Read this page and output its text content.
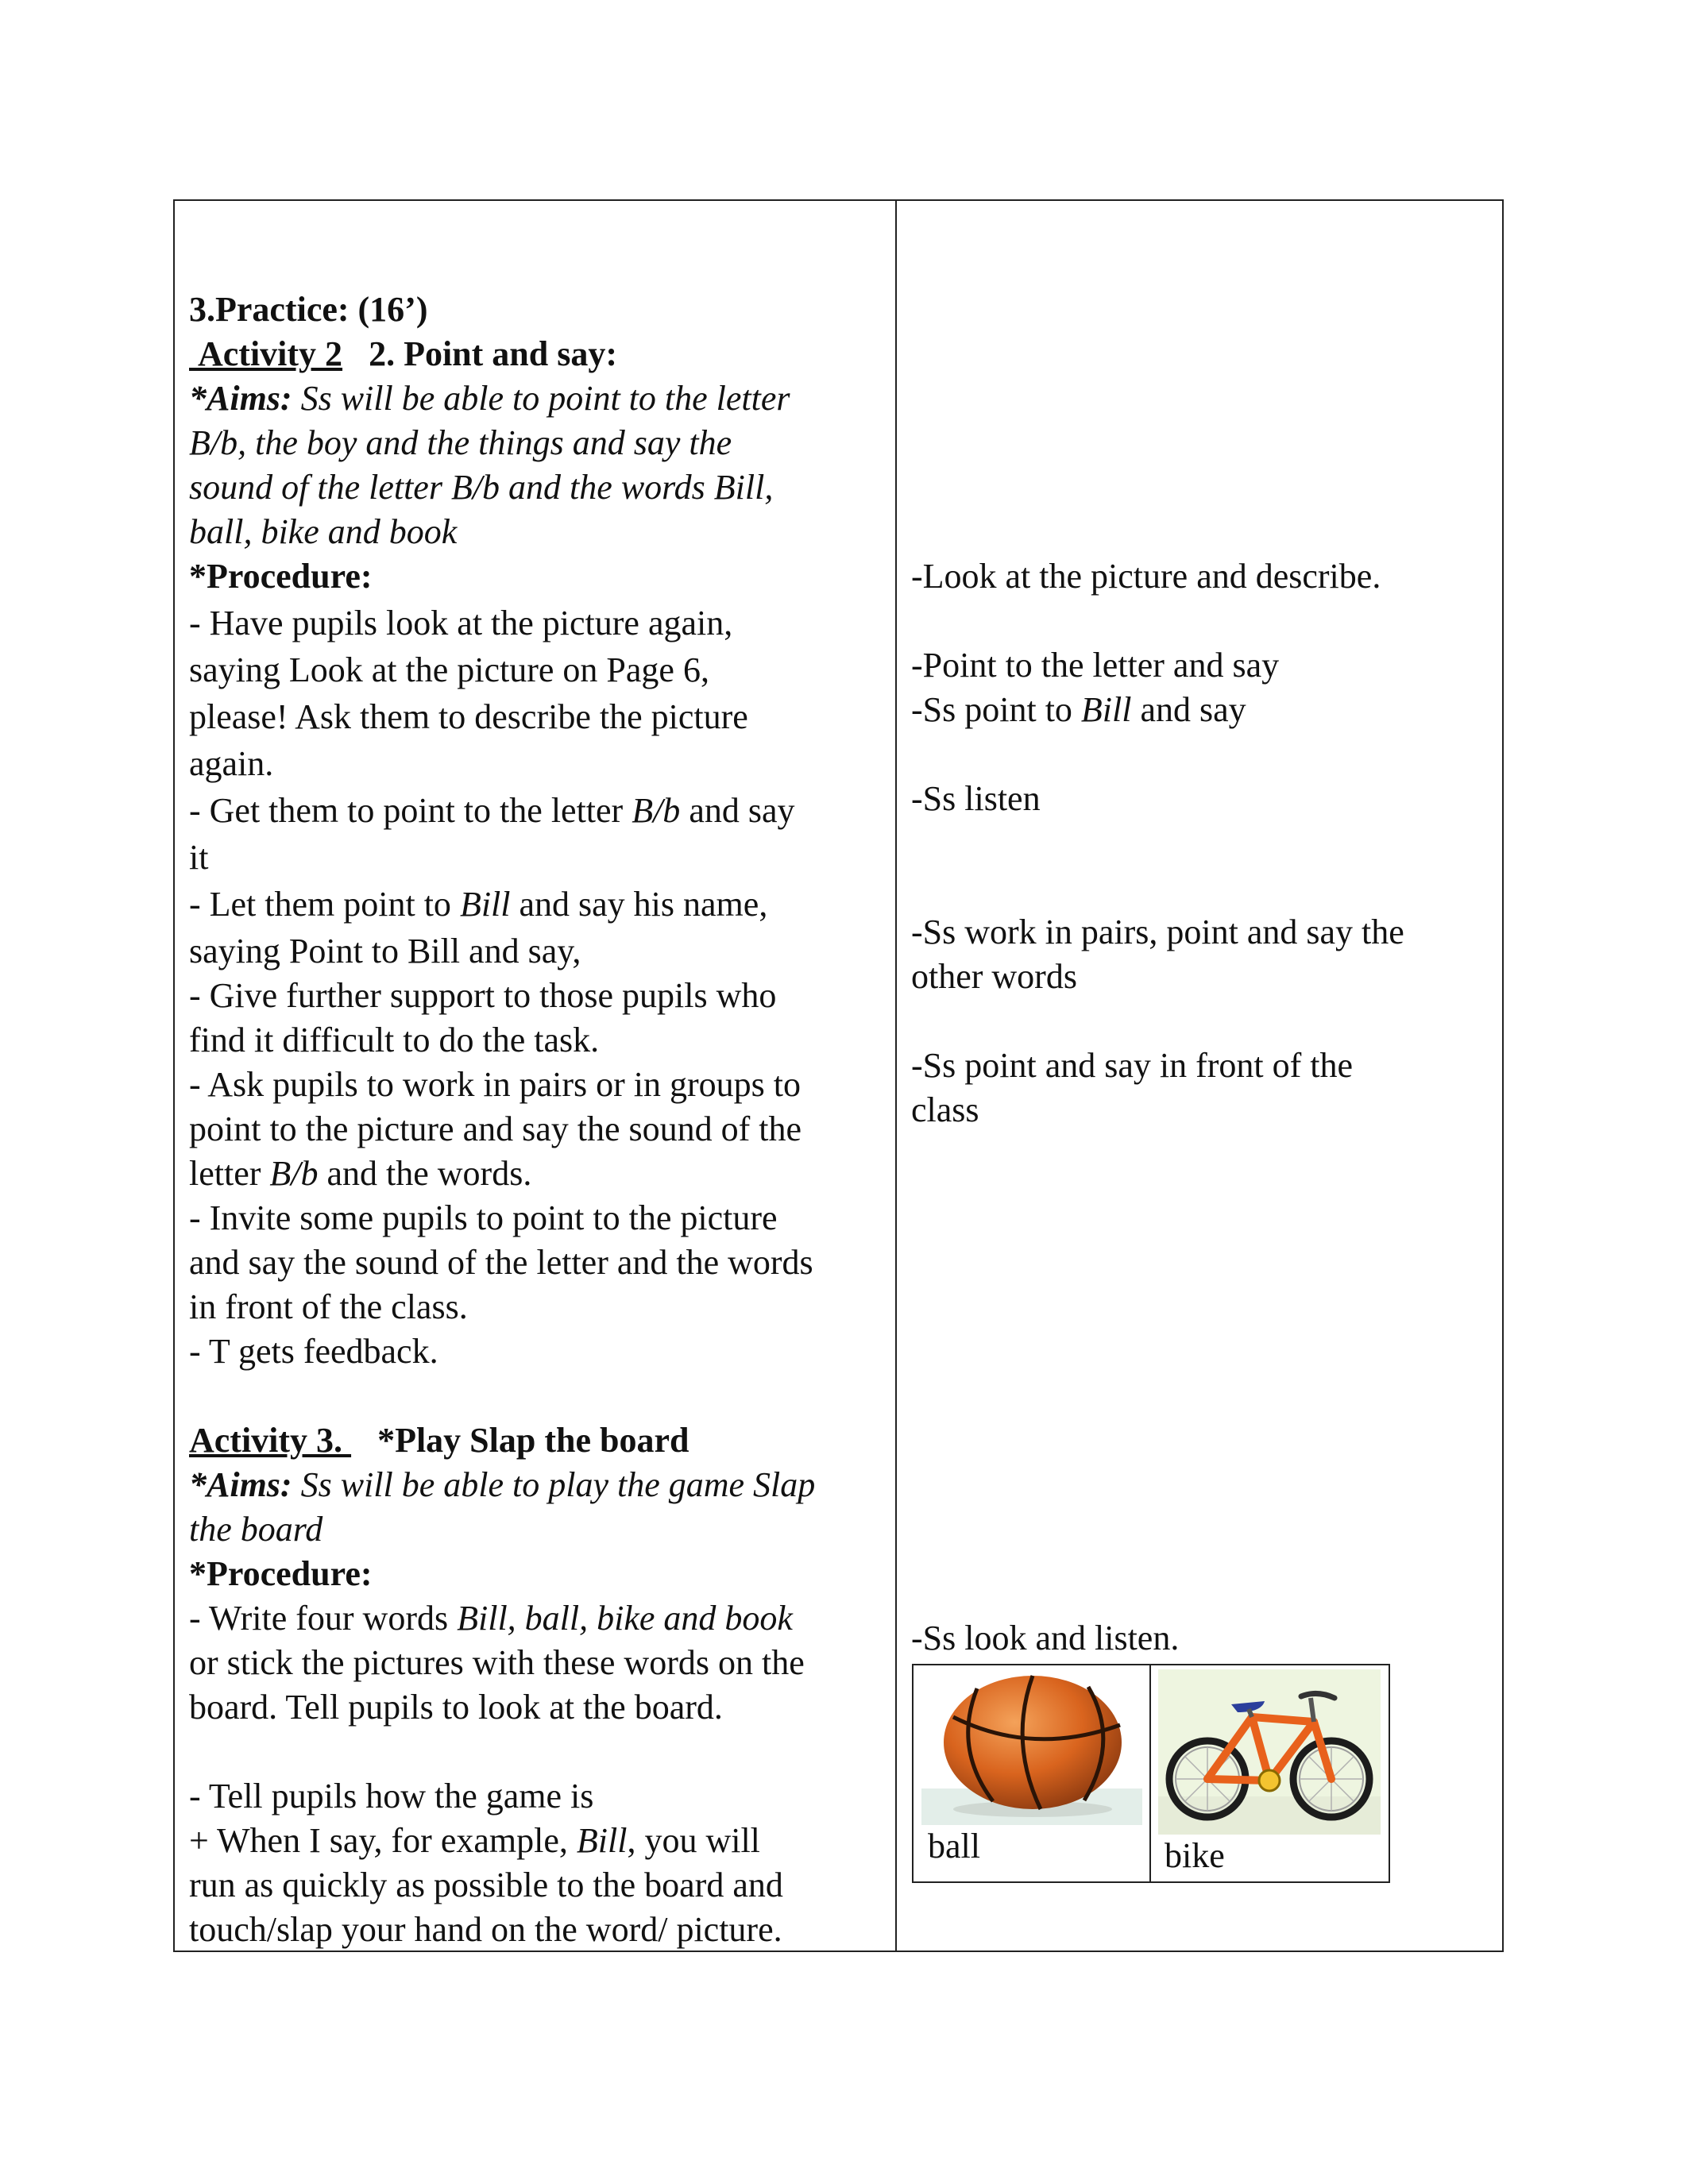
3.Practice: (16’)
Activity 2 2. Point and say:
*Aims: Ss will be able to point to the letter
B/b, the boy and the things and say the
sound of the letter B/b and the words Bill,
ball, bike and book
*Procedure:
- Have pupils look at the picture again,
saying Look at the picture on Page 6,
please! Ask them to describe the picture
again.
- Get them to point to the letter B/b and say
it
- Let them point to Bill and say his name,
saying Point to Bill and say,
- Give further support to those pupils who
find it difficult to do the task.
- Ask pupils to work in pairs or in groups to
point to the picture and say the sound of the
letter B/b and the words.
- Invite some pupils to point to the picture
and say the sound of the letter and the words
in front of the class.
- T gets feedback.
Activity 3.    *Play Slap the board
*Aims: Ss will be able to play the game Slap
the board
*Procedure:
- Write four words Bill, ball, bike and book
or stick the pictures with these words on the
board. Tell pupils to look at the board.
- Tell pupils how the game is
+ When I say, for example, Bill, you will
run as quickly as possible to the board and
touch/slap your hand on the word/ picture.
-Look at the picture and describe.
-Point to the letter and say
-Ss point to Bill and say
-Ss listen
-Ss work in pairs, point and say the
other words
-Ss point and say in front of the
class
-Ss look and listen.
ball	bike
